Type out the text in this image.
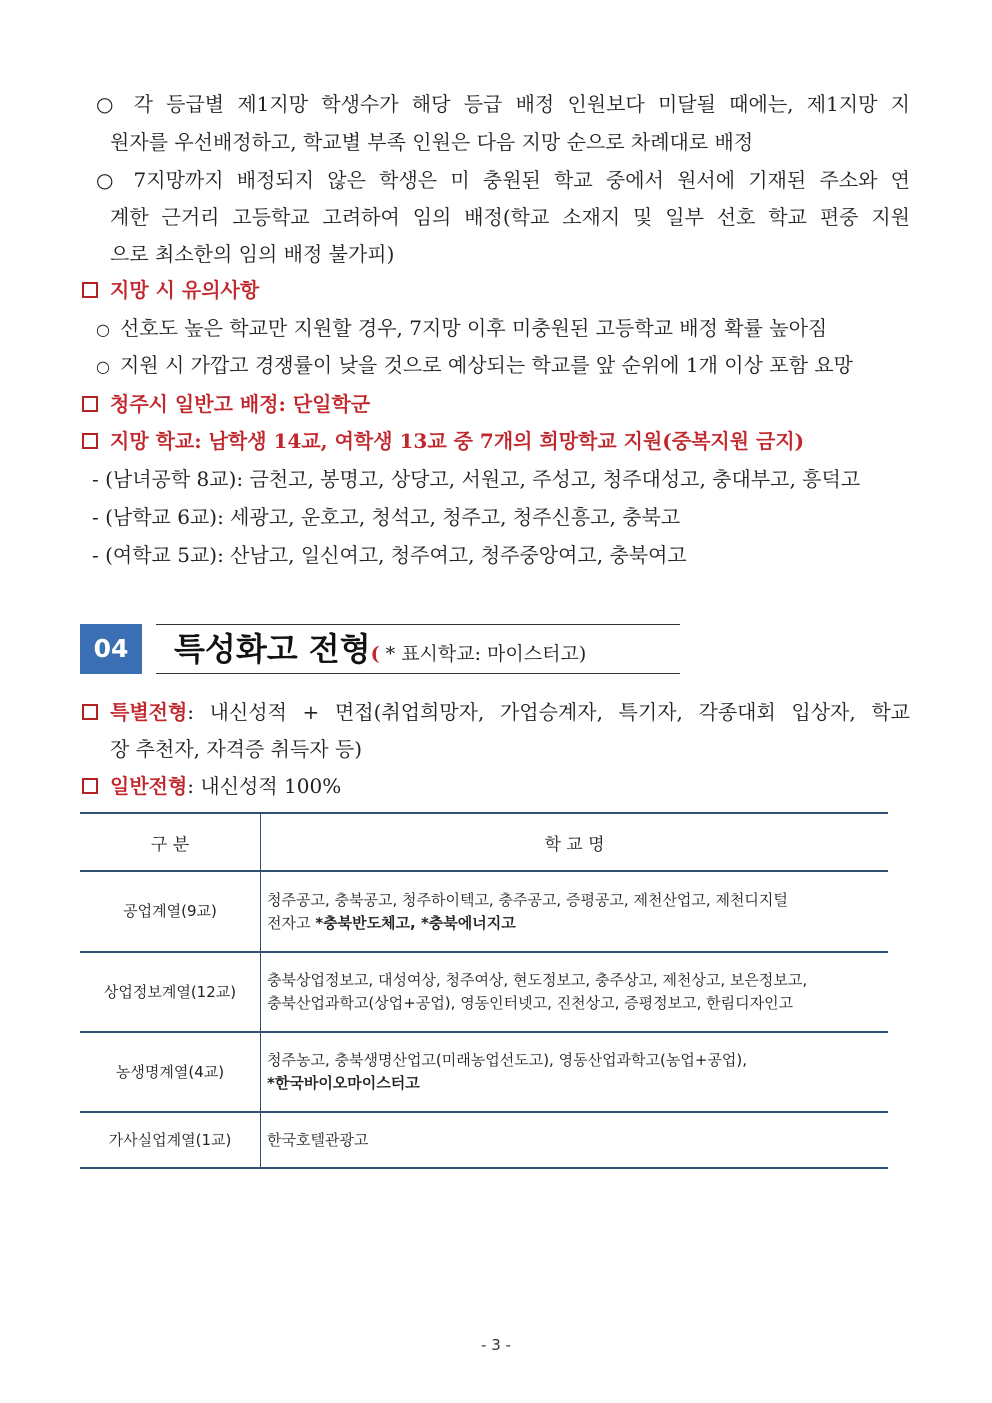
○ 각 등급별 제1지망 학생수가 해당 등급 배정 인원보다 미달될 때에는, 제1지망 지
원자를 우선배정하고, 학교별 부족 인원은 다음 지망 순으로 차례대로 배정
○ 7지망까지 배정되지 않은 학생은 미 충원된 학교 중에서 원서에 기재된 주소와 연
계한 근거리 고등학교 고려하여 임의 배정(학교 소재지 및 일부 선호 학교 편중 지원
으로 최소한의 임의 배정 불가피)
지망 시 유의사항
○ 선호도 높은 학교만 지원할 경우, 7지망 이후 미충원된 고등학교 배정 확률 높아짐
○ 지원 시 가깝고 경쟁률이 낮을 것으로 예상되는 학교를 앞 순위에 1개 이상 포함 요망
청주시 일반고 배정: 단일학군
지망 학교: 남학생 14교, 여학생 13교 중 7개의 희망학교 지원(중복지원 금지)
- (남녀공학 8교): 금천고, 봉명고, 상당고, 서원고, 주성고, 청주대성고, 충대부고, 흥덕고
- (남학교 6교): 세광고, 운호고, 청석고, 청주고, 청주신흥고, 충북고
- (여학교 5교): 산남고, 일신여고, 청주여고, 청주중앙여고, 충북여고
04	특성화고 전형( * 표시학교: 마이스터고)
특별전형: 내신성적 + 면접(취업희망자, 가업승계자, 특기자, 각종대회 입상자, 학교
장 추천자, 자격증 취득자 등)
일반전형: 내신성적 100%
구 분	학 교 명
공업계열(9교)	청주공고, 충북공고, 청주하이텍고, 충주공고, 증평공고, 제천산업고, 제천디지털
전자고 *충북반도체고, *충북에너지고

상업정보계열(12교)	충북상업정보고, 대성여상, 청주여상, 현도정보고, 충주상고, 제천상고, 보은정보고,
충북산업과학고(상업+공업), 영동인터넷고, 진천상고, 증평정보고, 한림디자인고

농생명계열(4교)	청주농고, 충북생명산업고(미래농업선도고), 영동산업과학고(농업+공업),
*한국바이오마이스터고

가사실업계열(1교)	한국호텔관광고
- 3 -
